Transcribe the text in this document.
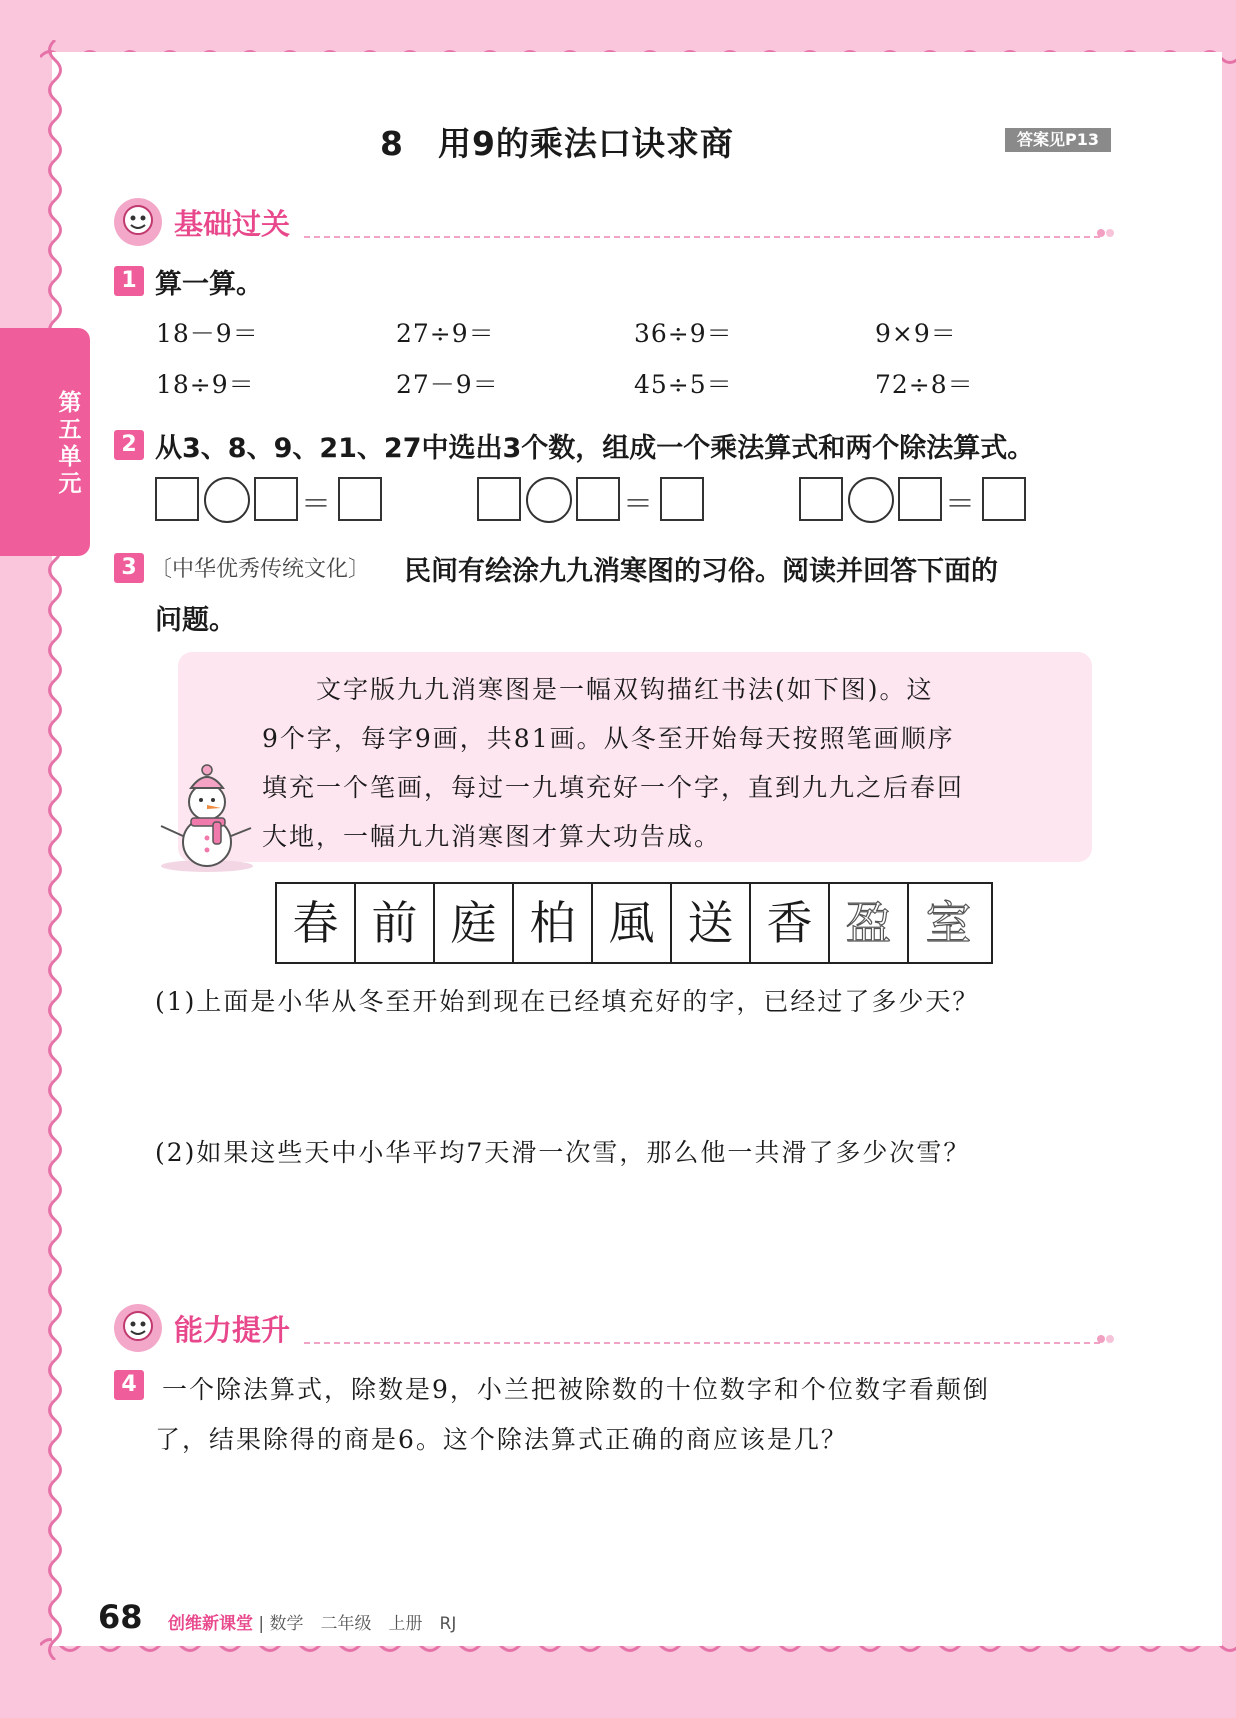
第五单元
8　用9的乘法口诀求商	答案见P13
基础过关
1 算一算。
18－9＝	27÷9＝	36÷9＝	9×9＝
18÷9＝	27－9＝	45÷5＝	72÷8＝
2 从3、8、9、21、27中选出3个数，组成一个乘法算式和两个除法算式。
＝	＝	＝
3 〔中华优秀传统文化〕 民间有绘涂九九消寒图的习俗。阅读并回答下面的
问题。

　　文字版九九消寒图是一幅双钩描红书法(如下图)。这

9个字，每字9画，共81画。从冬至开始每天按照笔画顺序

填充一个笔画，每过一九填充好一个字，直到九九之后春回

大地，一幅九九消寒图才算大功告成。

春 前 庭 柏 風 送 香 盈 室
(1)上面是小华从冬至开始到现在已经填充好的字，已经过了多少天？
(2)如果这些天中小华平均7天滑一次雪，那么他一共滑了多少次雪？
能力提升
4 一个除法算式，除数是9，小兰把被除数的十位数字和个位数字看颠倒
了，结果除得的商是6。这个除法算式正确的商应该是几？
68 创维新课堂 | 数学　二年级　上册　RJ
